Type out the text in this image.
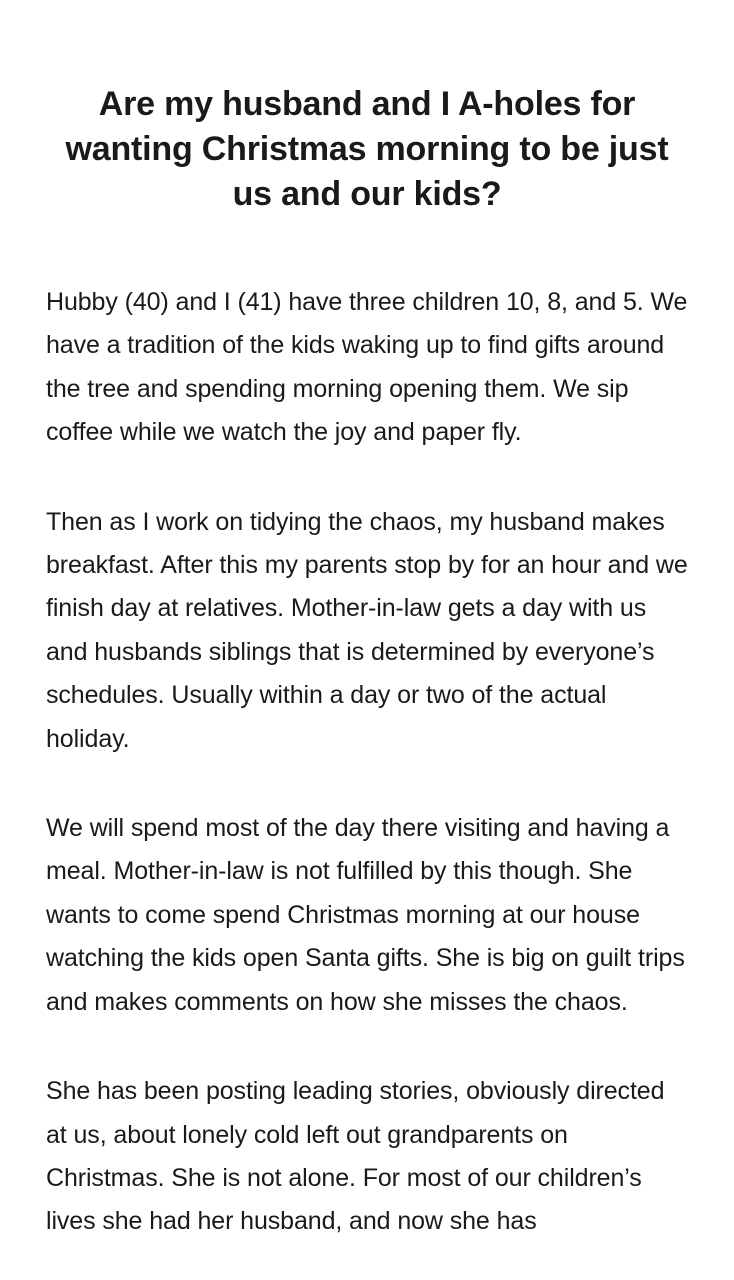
Are my husband and I A-holes for wanting Christmas morning to be just us and our kids?

Hubby (40) and I (41) have three children 10, 8, and 5. We have a tradition of the kids waking up to find gifts around the tree and spending morning opening them. We sip coffee while we watch the joy and paper fly.

Then as I work on tidying the chaos, my husband makes breakfast. After this my parents stop by for an hour and we finish day at relatives. Mother-in-law gets a day with us and husbands siblings that is determined by everyone’s schedules. Usually within a day or two of the actual holiday.

We will spend most of the day there visiting and having a meal. Mother-in-law is not fulfilled by this though. She wants to come spend Christmas morning at our house watching the kids open Santa gifts. She is big on guilt trips and makes comments on how she misses the chaos.

She has been posting leading stories, obviously directed at us, about lonely cold left out grandparents on Christmas. She is not alone. For most of our children’s lives she had her husband, and now she has
